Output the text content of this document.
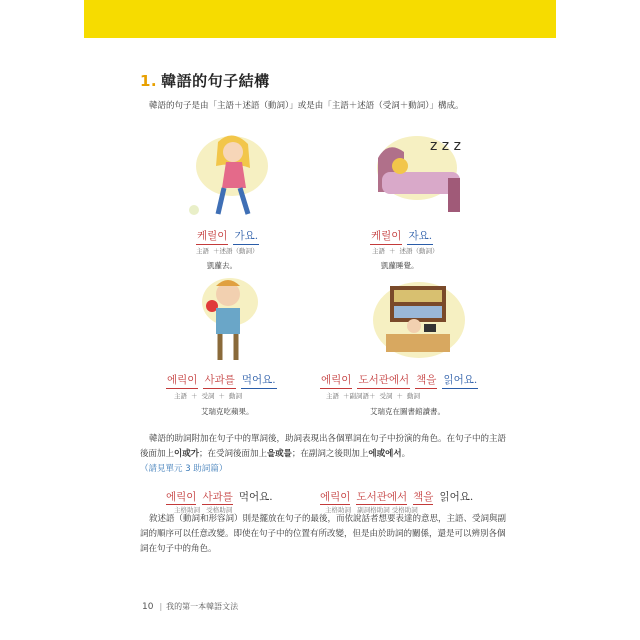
1. 韓語的句子結構
韓語的句子是由「主語＋述語（動詞）」或是由「主語＋述語（受詞＋動詞）」構成。
z z z
케릴이 가요.
主語 ＋述語（動詞）
凱蘿去。
케릴이 자요.
主語 ＋ 述語（動詞）
凱蘿睡覺。
에릭이 사과를 먹어요.
主語 ＋ 受詞 ＋ 動詞
艾瑞克吃蘋果。
에릭이 도서관에서 책을 읽어요.
主語 ＋副詞語＋ 受詞 ＋ 動詞
艾瑞克在圖書館讀書。
韓語的助詞附加在句子中的單詞後，助詞表現出各個單詞在句子中扮演的角色。在句子中的主語後面加上이或가；在受詞後面加上을或를；在副詞之後則加上에或에서。
（請見單元 3 助詞篇）
에릭이 사과를 먹어요.
主格助詞 受格助詞
에릭이 도서관에서 책을 읽어요.
主格助詞 副詞格助詞 受格助詞
敘述語（動詞和形容詞）則是擺放在句子的最後，而依說話者想要表達的意思，主語、受詞與副詞的順序可以任意改變。即使在句子中的位置有所改變，但是由於助詞的關係，還是可以辨別各個詞在句子中的角色。
10 | 我的第一本韓語文法
